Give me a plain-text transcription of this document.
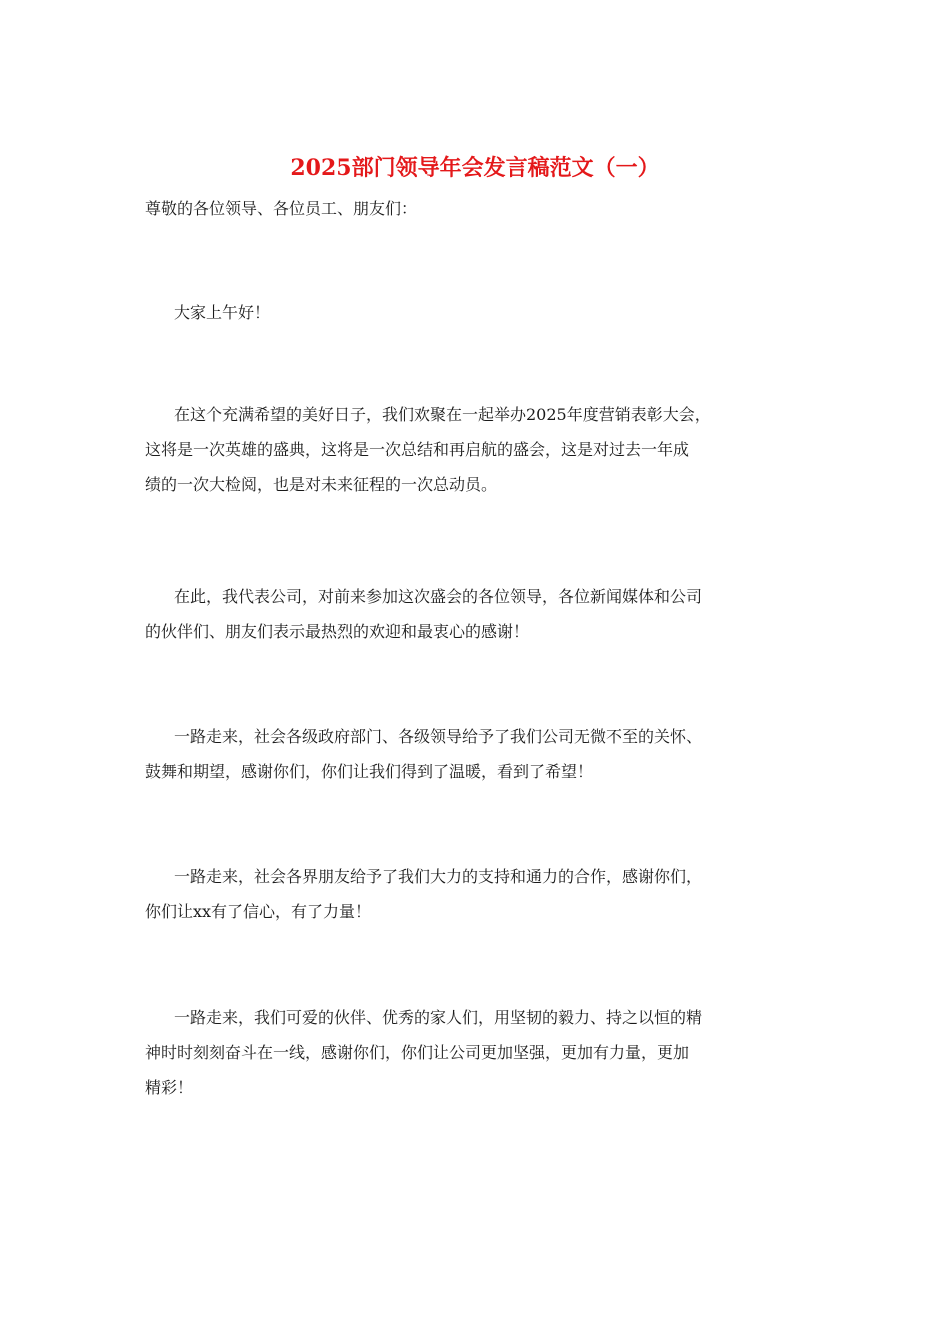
2025部门领导年会发言稿范文（一）

尊敬的各位领导、各位员工、朋友们：

大家上午好！

在这个充满希望的美好日子，我们欢聚在一起举办2025年度营销表彰大会，
这将是一次英雄的盛典，这将是一次总结和再启航的盛会，这是对过去一年成
绩的一次大检阅，也是对未来征程的一次总动员。

在此，我代表公司，对前来参加这次盛会的各位领导，各位新闻媒体和公司
的伙伴们、朋友们表示最热烈的欢迎和最衷心的感谢！

一路走来，社会各级政府部门、各级领导给予了我们公司无微不至的关怀、
鼓舞和期望，感谢你们，你们让我们得到了温暖，看到了希望！

一路走来，社会各界朋友给予了我们大力的支持和通力的合作，感谢你们，
你们让xx有了信心，有了力量！

一路走来，我们可爱的伙伴、优秀的家人们，用坚韧的毅力、持之以恒的精
神时时刻刻奋斗在一线，感谢你们，你们让公司更加坚强，更加有力量，更加
精彩！
